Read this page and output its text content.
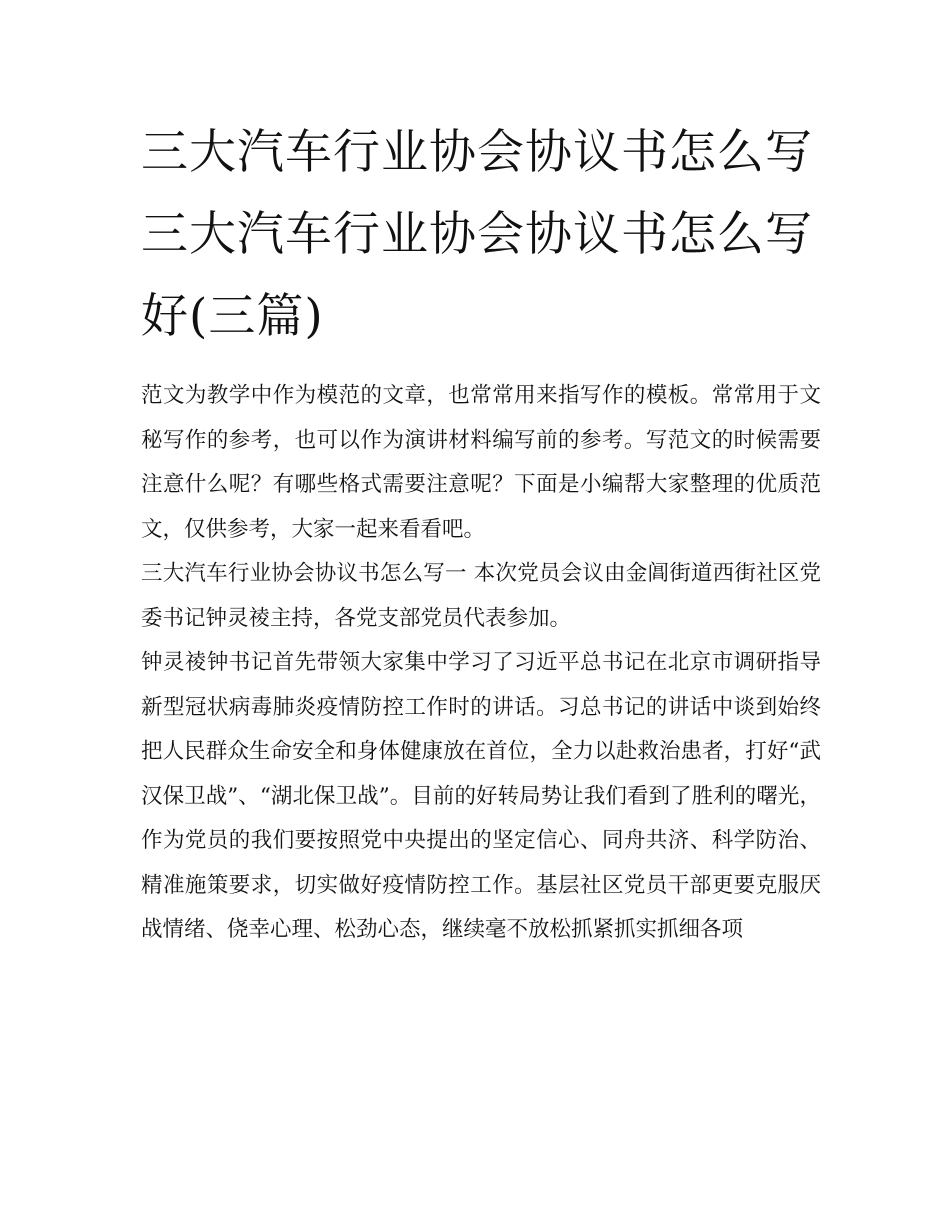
三大汽车行业协会协议书怎么写 三大汽车行业协会协议书怎么写好(三篇)

范文为教学中作为模范的文章，也常常用来指写作的模板。常常用于文秘写作的参考，也可以作为演讲材料编写前的参考。写范文的时候需要注意什么呢？有哪些格式需要注意呢？下面是小编帮大家整理的优质范文，仅供参考，大家一起来看看吧。

三大汽车行业协会协议书怎么写一 本次党员会议由金阊街道西街社区党委书记钟灵祾主持，各党支部党员代表参加。

钟灵祾钟书记首先带领大家集中学习了习近平总书记在北京市调研指导新型冠状病毒肺炎疫情防控工作时的讲话。习总书记的讲话中谈到始终把人民群众生命安全和身体健康放在首位，全力以赴救治患者，打好“武汉保卫战”、“湖北保卫战”。目前的好转局势让我们看到了胜利的曙光，作为党员的我们要按照党中央提出的坚定信心、同舟共济、科学防治、精准施策要求，切实做好疫情防控工作。基层社区党员干部更要克服厌战情绪、侥幸心理、松劲心态，继续毫不放松抓紧抓实抓细各项
